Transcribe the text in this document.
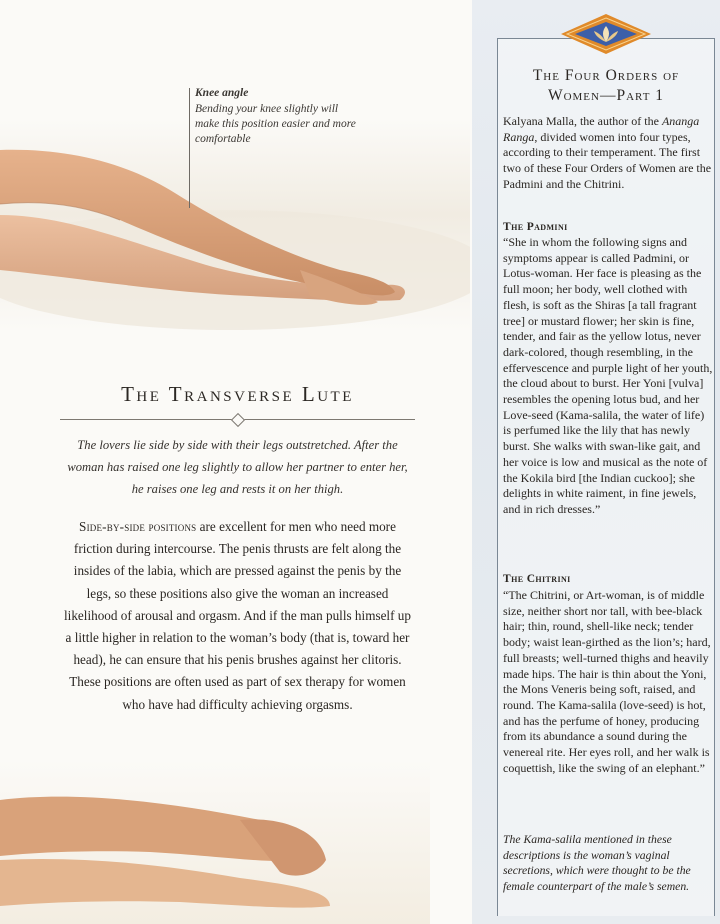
Knee angle
Bending your knee slightly will make this position easier and more comfortable
The Transverse Lute
The lovers lie side by side with their legs outstretched. After the woman has raised one leg slightly to allow her partner to enter her, he raises one leg and rests it on her thigh.
Side-by-side positions are excellent for men who need more friction during intercourse. The penis thrusts are felt along the insides of the labia, which are pressed against the penis by the legs, so these positions also give the woman an increased likelihood of arousal and orgasm. And if the man pulls himself up a little higher in relation to the woman’s body (that is, toward her head), he can ensure that his penis brushes against her clitoris. These positions are often used as part of sex therapy for women who have had difficulty achieving orgasms.
The Four Orders of
Women—Part 1
Kalyana Malla, the author of the Ananga Ranga, divided women into four types, according to their temperament. The first two of these Four Orders of Women are the Padmini and the Chitrini.
The Padmini
“She in whom the following signs and symptoms appear is called Padmini, or Lotus-woman. Her face is pleasing as the full moon; her body, well clothed with flesh, is soft as the Shiras [a tall fragrant tree] or mustard flower; her skin is fine, tender, and fair as the yellow lotus, never dark-colored, though resembling, in the effervescence and purple light of her youth, the cloud about to burst. Her Yoni [vulva] resembles the opening lotus bud, and her Love-seed (Kama-salila, the water of life) is perfumed like the lily that has newly burst. She walks with swan-like gait, and her voice is low and musical as the note of the Kokila bird [the Indian cuckoo]; she delights in white raiment, in fine jewels, and in rich dresses.”
The Chitrini
“The Chitrini, or Art-woman, is of middle size, neither short nor tall, with bee-black hair; thin, round, shell-like neck; tender body; waist lean-girthed as the lion’s; hard, full breasts; well-turned thighs and heavily made hips. The hair is thin about the Yoni, the Mons Veneris being soft, raised, and round. The Kama-salila (love-seed) is hot, and has the perfume of honey, producing from its abundance a sound during the venereal rite. Her eyes roll, and her walk is coquettish, like the swing of an elephant.”
The Kama-salila mentioned in these descriptions is the woman’s vaginal secretions, which were thought to be the female counterpart of the male’s semen.
